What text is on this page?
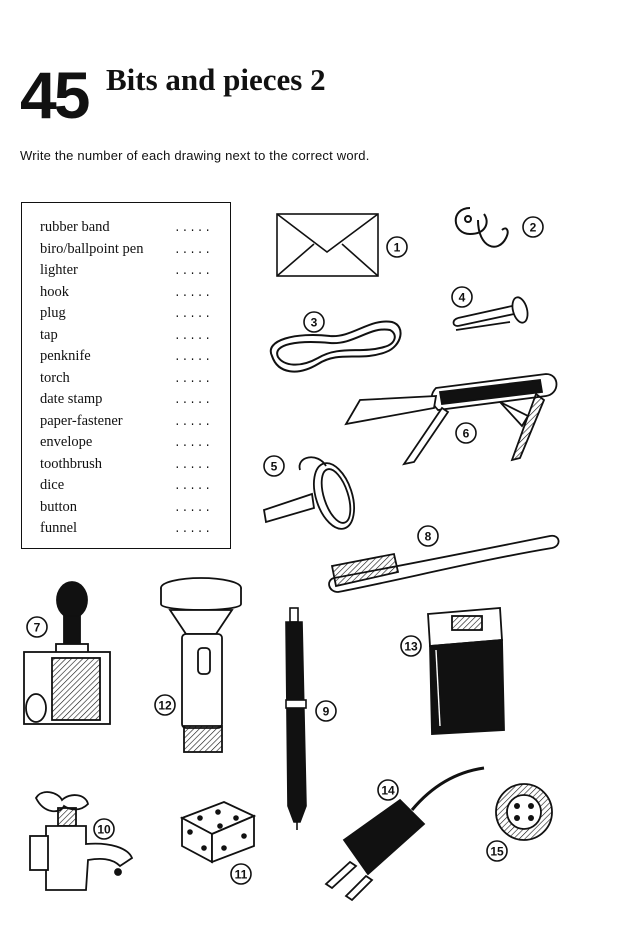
45 Bits and pieces 2
Write the number of each drawing next to the correct word.
rubber band	.....
biro/ballpoint pen	.....
lighter	.....
hook	.....
plug	.....
tap	.....
penknife	.....
torch	.....
date stamp	.....
paper-fastener	.....
envelope	.....
toothbrush	.....
dice	.....
button	.....
funnel	.....
1
2
3
4
6
5
8
7
12	9
13
10
11
14
15
